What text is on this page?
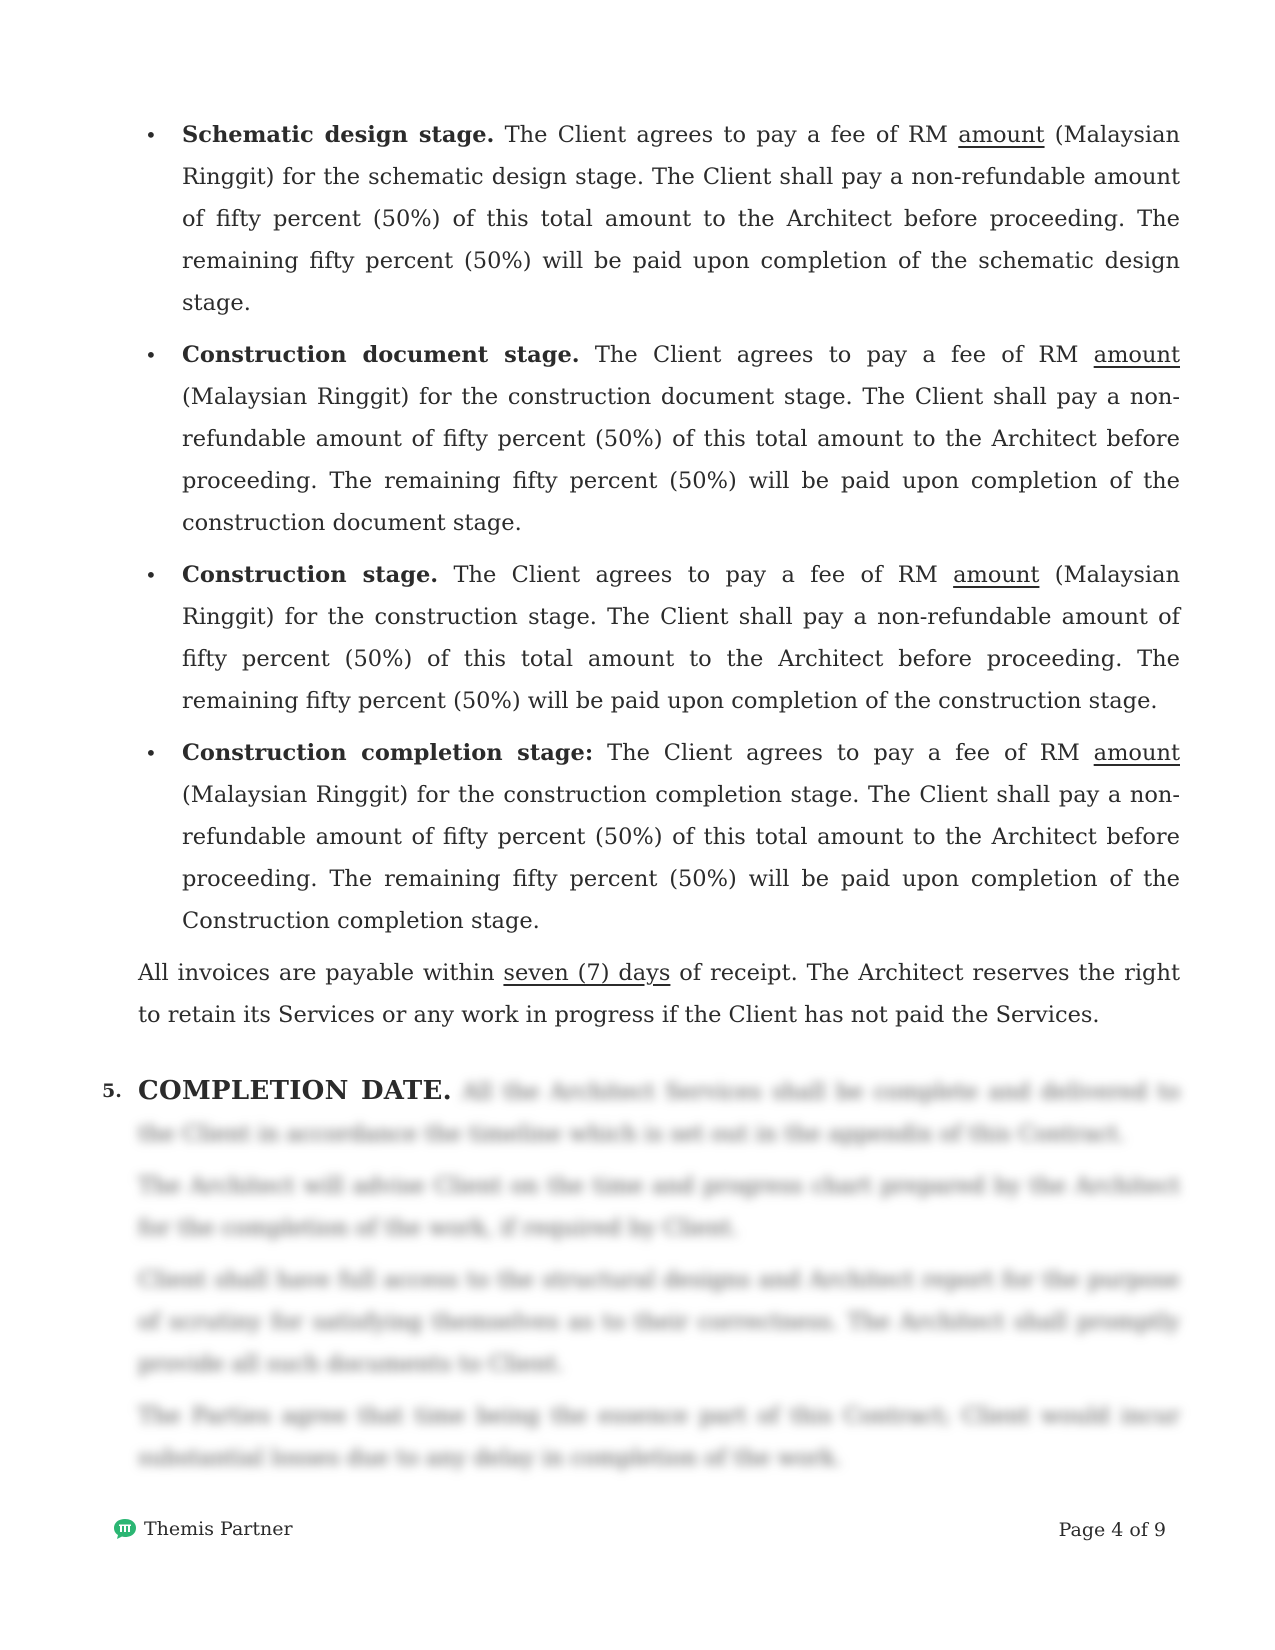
• Schematic design stage. The Client agrees to pay a fee of RM amount (Malaysian Ringgit) for the schematic design stage. The Client shall pay a non-refundable amount of fifty percent (50%) of this total amount to the Architect before proceeding. The remaining fifty percent (50%) will be paid upon completion of the schematic design stage.
• Construction document stage. The Client agrees to pay a fee of RM amount (Malaysian Ringgit) for the construction document stage. The Client shall pay a non-refundable amount of fifty percent (50%) of this total amount to the Architect before proceeding. The remaining fifty percent (50%) will be paid upon completion of the construction document stage.
• Construction stage. The Client agrees to pay a fee of RM amount (Malaysian Ringgit) for the construction stage. The Client shall pay a non-refundable amount of fifty percent (50%) of this total amount to the Architect before proceeding. The remaining fifty percent (50%) will be paid upon completion of the construction stage.
• Construction completion stage: The Client agrees to pay a fee of RM amount (Malaysian Ringgit) for the construction completion stage. The Client shall pay a non-refundable amount of fifty percent (50%) of this total amount to the Architect before proceeding. The remaining fifty percent (50%) will be paid upon completion of the Construction completion stage.

All invoices are payable within seven (7) days of receipt. The Architect reserves the right to retain its Services or any work in progress if the Client has not paid the Services.

5. COMPLETION DATE. All the Architect Services shall be complete and delivered to the Client in accordance the timeline which is set out in the appendix of this Contract.

The Architect will advise Client on the time and progress chart prepared by the Architect for the completion of the work, if required by Client.

Client shall have full access to the structural designs and Architect report for the purpose of scrutiny for satisfying themselves as to their correctness. The Architect shall promptly provide all such documents to Client.

The Parties agree that time being the essence part of this Contract; Client would incur substantial losses due to any delay in completion of the work.

Themis Partner	Page 4 of 9
